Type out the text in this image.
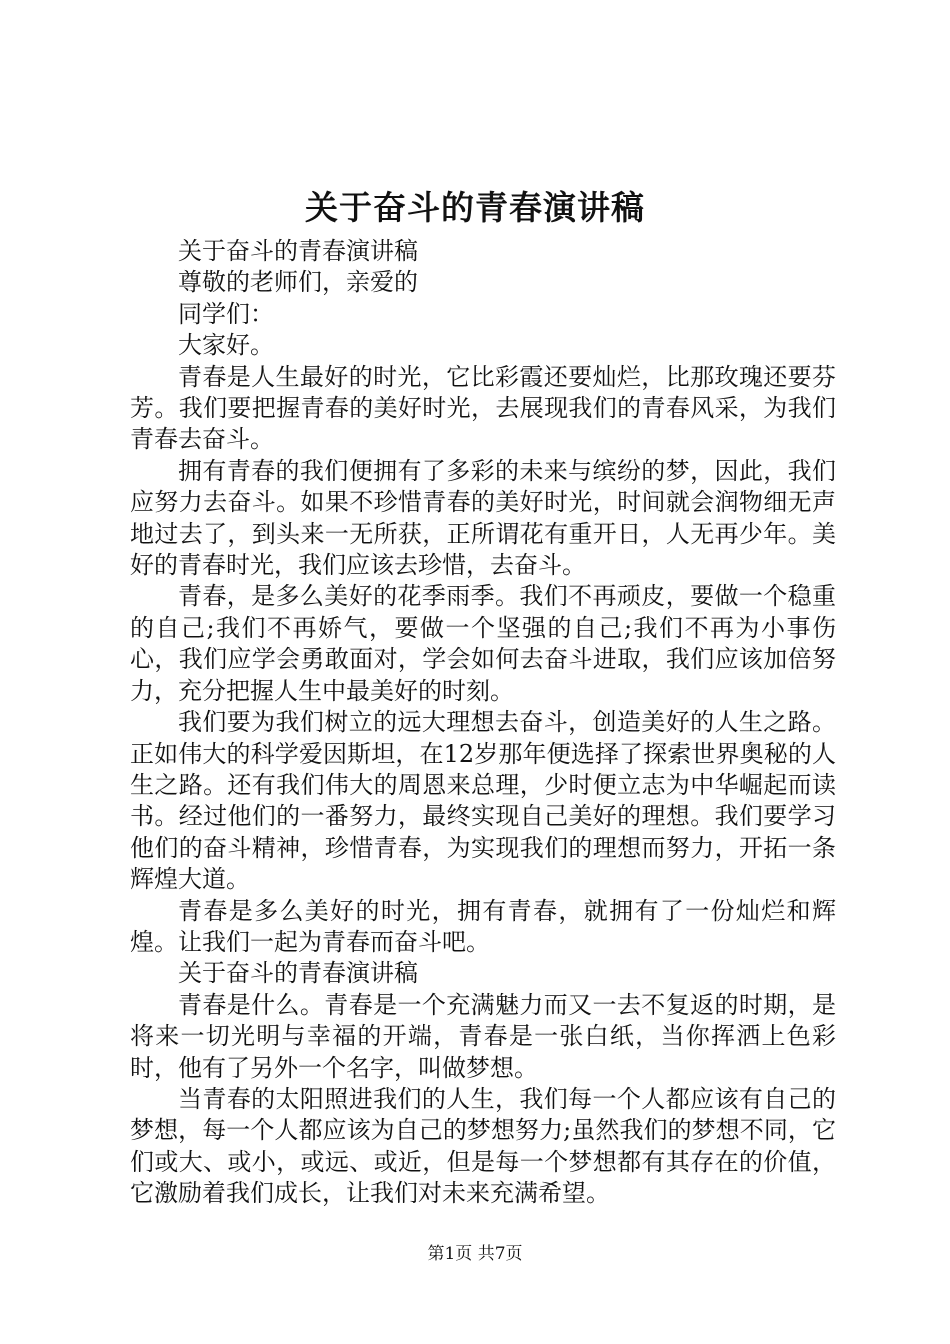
关于奋斗的青春演讲稿

关于奋斗的青春演讲稿

尊敬的老师们，亲爱的

同学们：

大家好。

青春是人生最好的时光，它比彩霞还要灿烂，比那玫瑰还要芬芳。我们要把握青春的美好时光，去展现我们的青春风采，为我们青春去奋斗。

拥有青春的我们便拥有了多彩的未来与缤纷的梦，因此，我们应努力去奋斗。如果不珍惜青春的美好时光，时间就会润物细无声地过去了，到头来一无所获，正所谓花有重开日，人无再少年。美好的青春时光，我们应该去珍惜，去奋斗。

青春，是多么美好的花季雨季。我们不再顽皮，要做一个稳重的自己;我们不再娇气，要做一个坚强的自己;我们不再为小事伤心，我们应学会勇敢面对，学会如何去奋斗进取，我们应该加倍努力，充分把握人生中最美好的时刻。

我们要为我们树立的远大理想去奋斗，创造美好的人生之路。正如伟大的科学爱因斯坦，在12岁那年便选择了探索世界奥秘的人生之路。还有我们伟大的周恩来总理，少时便立志为中华崛起而读书。经过他们的一番努力，最终实现自己美好的理想。我们要学习他们的奋斗精神，珍惜青春，为实现我们的理想而努力，开拓一条辉煌大道。

青春是多么美好的时光，拥有青春，就拥有了一份灿烂和辉煌。让我们一起为青春而奋斗吧。

关于奋斗的青春演讲稿

青春是什么。青春是一个充满魅力而又一去不复返的时期，是将来一切光明与幸福的开端，青春是一张白纸，当你挥洒上色彩时，他有了另外一个名字，叫做梦想。

当青春的太阳照进我们的人生，我们每一个人都应该有自己的梦想，每一个人都应该为自己的梦想努力;虽然我们的梦想不同，它们或大、或小，或远、或近，但是每一个梦想都有其存在的价值，它激励着我们成长，让我们对未来充满希望。

第1页 共7页
